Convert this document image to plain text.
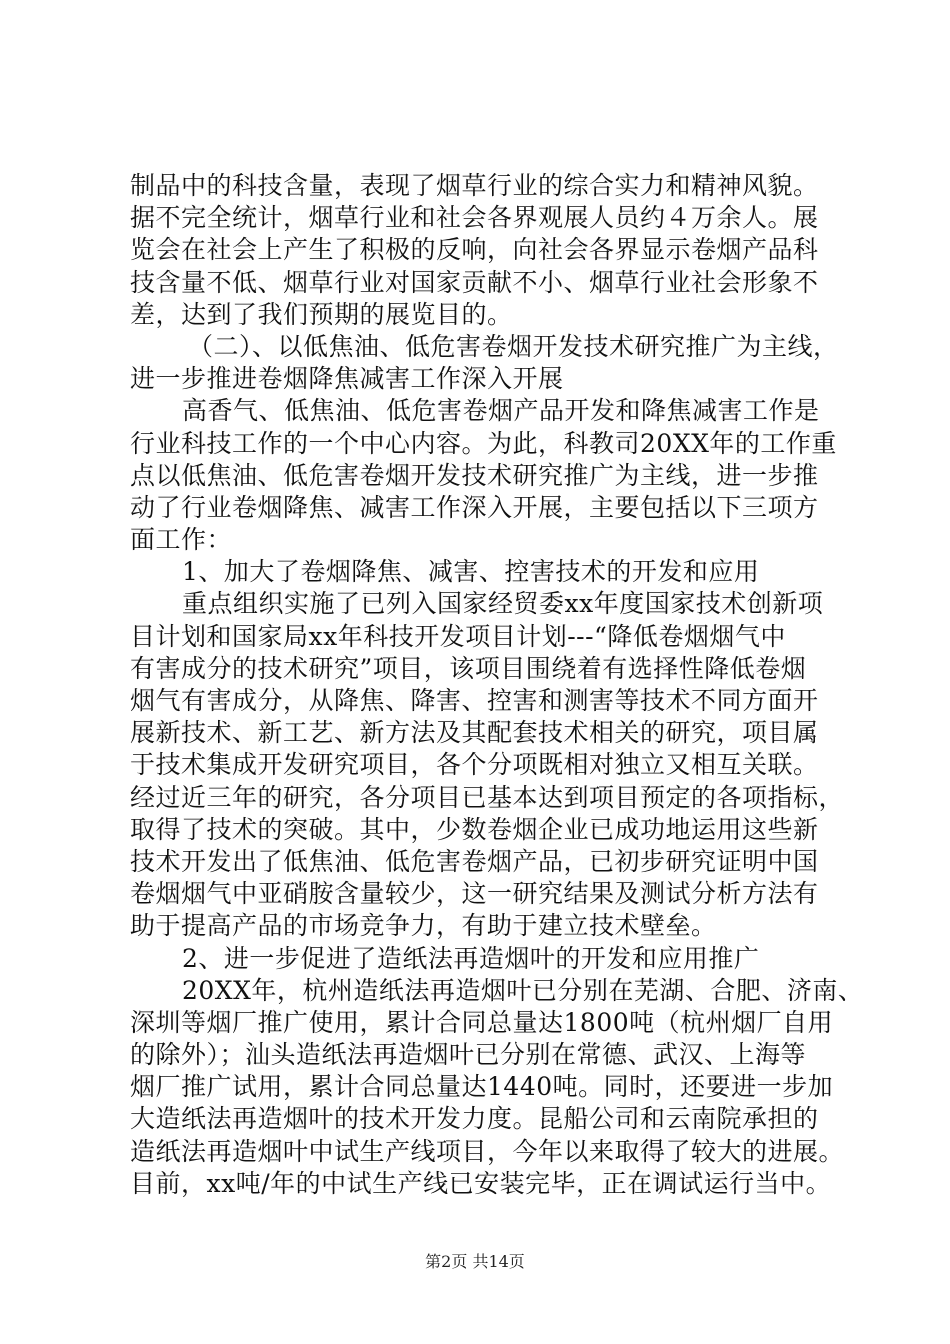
制品中的科技含量，表现了烟草行业的综合实力和精神风貌。
据不完全统计，烟草行业和社会各界观展人员约４万余人。展
览会在社会上产生了积极的反响，向社会各界显示卷烟产品科
技含量不低、烟草行业对国家贡献不小、烟草行业社会形象不
差，达到了我们预期的展览目的。
（二）、以低焦油、低危害卷烟开发技术研究推广为主线，
进一步推进卷烟降焦减害工作深入开展
高香气、低焦油、低危害卷烟产品开发和降焦减害工作是
行业科技工作的一个中心内容。为此，科教司20XX年的工作重
点以低焦油、低危害卷烟开发技术研究推广为主线，进一步推
动了行业卷烟降焦、减害工作深入开展，主要包括以下三项方
面工作：
1、加大了卷烟降焦、减害、控害技术的开发和应用
重点组织实施了已列入国家经贸委xx年度国家技术创新项
目计划和国家局xx年科技开发项目计划---“降低卷烟烟气中
有害成分的技术研究”项目，该项目围绕着有选择性降低卷烟
烟气有害成分，从降焦、降害、控害和测害等技术不同方面开
展新技术、新工艺、新方法及其配套技术相关的研究，项目属
于技术集成开发研究项目，各个分项既相对独立又相互关联。
经过近三年的研究，各分项目已基本达到项目预定的各项指标，
取得了技术的突破。其中，少数卷烟企业已成功地运用这些新
技术开发出了低焦油、低危害卷烟产品，已初步研究证明中国
卷烟烟气中亚硝胺含量较少，这一研究结果及测试分析方法有
助于提高产品的市场竞争力，有助于建立技术壁垒。
2、进一步促进了造纸法再造烟叶的开发和应用推广
20XX年，杭州造纸法再造烟叶已分别在芜湖、合肥、济南、
深圳等烟厂推广使用，累计合同总量达1800吨（杭州烟厂自用
的除外）；汕头造纸法再造烟叶已分别在常德、武汉、上海等
烟厂推广试用，累计合同总量达1440吨。同时，还要进一步加
大造纸法再造烟叶的技术开发力度。昆船公司和云南院承担的
造纸法再造烟叶中试生产线项目，今年以来取得了较大的进展。
目前，xx吨/年的中试生产线已安装完毕，正在调试运行当中。
第2页 共14页
